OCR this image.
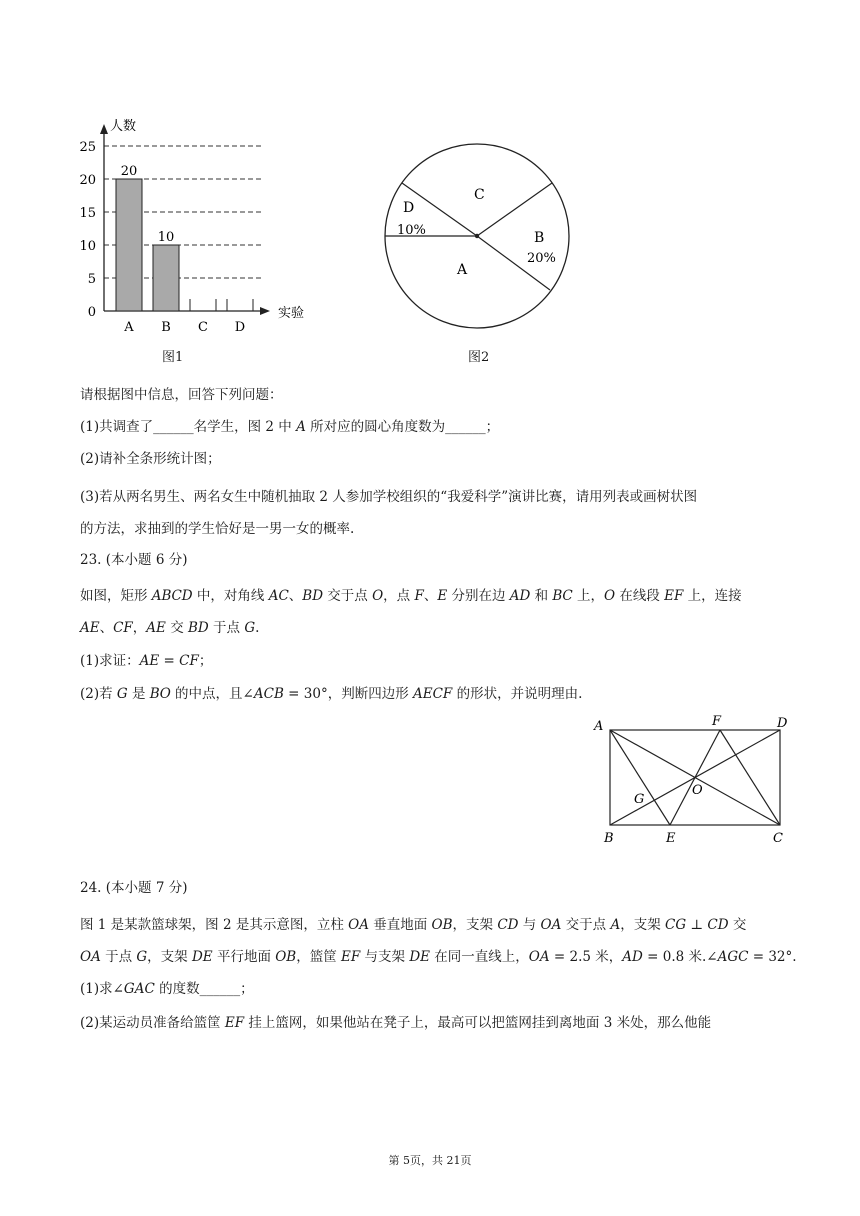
0
5
10
15
20
25
20
10
A B C D
人数
实验
图1
C
D
10%	B
20%
A
图2
请根据图中信息，回答下列问题：
(1)共调查了______名学生，图 2 中 𝐴 所对应的圆心角度数为______；
(2)请补全条形统计图；
(3)若从两名男生、两名女生中随机抽取 2 人参加学校组织的“我爱科学”演讲比赛，请用列表或画树状图
的方法，求抽到的学生恰好是一男一女的概率.
23. (本小题 6 分)
如图，矩形 𝐴𝐵𝐶𝐷 中，对角线 𝐴𝐶、𝐵𝐷 交于点 𝑂，点 𝐹、𝐸 分别在边 𝐴𝐷 和 𝐵𝐶 上，𝑂 在线段 𝐸𝐹 上，连接
𝐴𝐸、𝐶𝐹，𝐴𝐸 交 𝐵𝐷 于点 𝐺.
(1)求证：𝐴𝐸 = 𝐶𝐹；
(2)若 𝐺 是 𝐵𝑂 的中点，且∠𝐴𝐶𝐵 = 30°，判断四边形 𝐴𝐸𝐶𝐹 的形状，并说明理由.
A	F	D
G
O
B	E	C
24. (本小题 7 分)
图 1 是某款篮球架，图 2 是其示意图，立柱 𝑂𝐴 垂直地面 𝑂𝐵，支架 𝐶𝐷 与 𝑂𝐴 交于点 𝐴，支架 𝐶𝐺 ⊥ 𝐶𝐷 交
𝑂𝐴 于点 𝐺，支架 𝐷𝐸 平行地面 𝑂𝐵，篮筐 𝐸𝐹 与支架 𝐷𝐸 在同一直线上，𝑂𝐴 = 2.5 米，𝐴𝐷 = 0.8 米.∠𝐴𝐺𝐶 = 32°.
(1)求∠𝐺𝐴𝐶 的度数______；
(2)某运动员准备给篮筐 𝐸𝐹 挂上篮网，如果他站在凳子上，最高可以把篮网挂到离地面 3 米处，那么他能
第 5页，共 21页
